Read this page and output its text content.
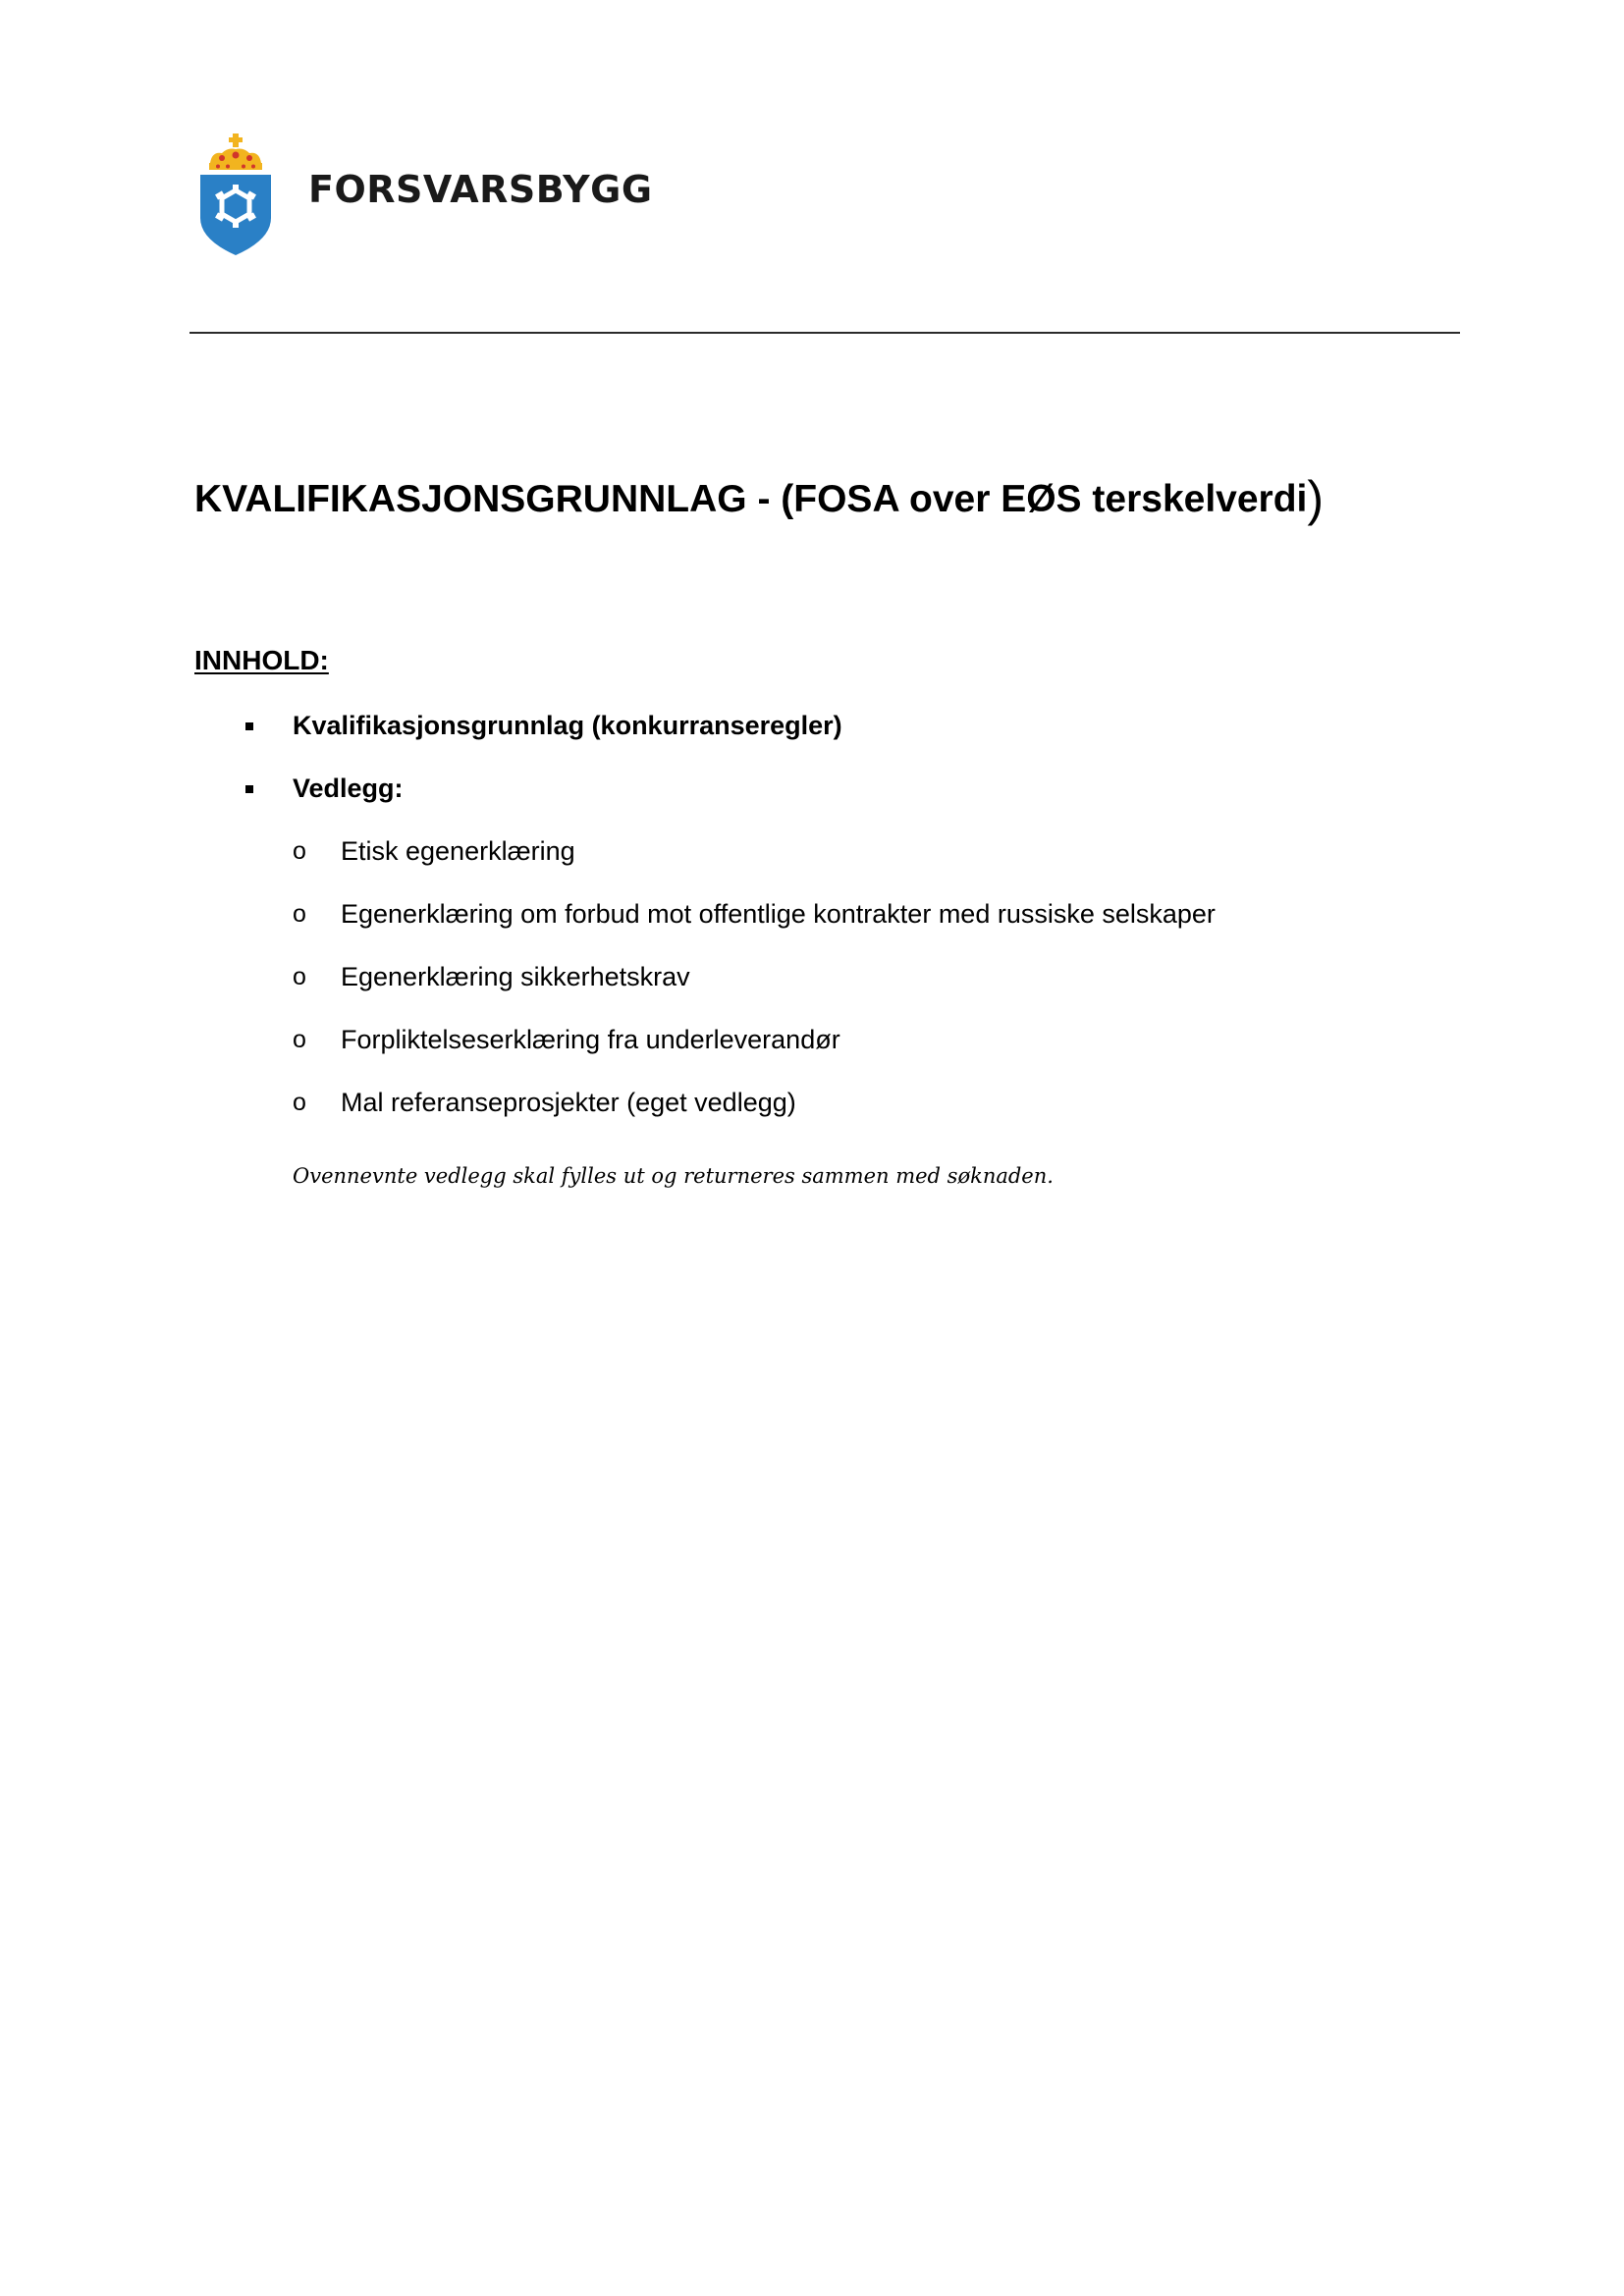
FORSVARSBYGG
KVALIFIKASJONSGRUNNLAG - (FOSA over EØS terskelverdi)
INNHOLD:
Kvalifikasjonsgrunnlag (konkurranseregler)
Vedlegg:
o Etisk egenerklæring
o Egenerklæring om forbud mot offentlige kontrakter med russiske selskaper
o Egenerklæring sikkerhetskrav
o Forpliktelseserklæring fra underleverandør
o Mal referanseprosjekter (eget vedlegg)
Ovennevnte vedlegg skal fylles ut og returneres sammen med søknaden.
